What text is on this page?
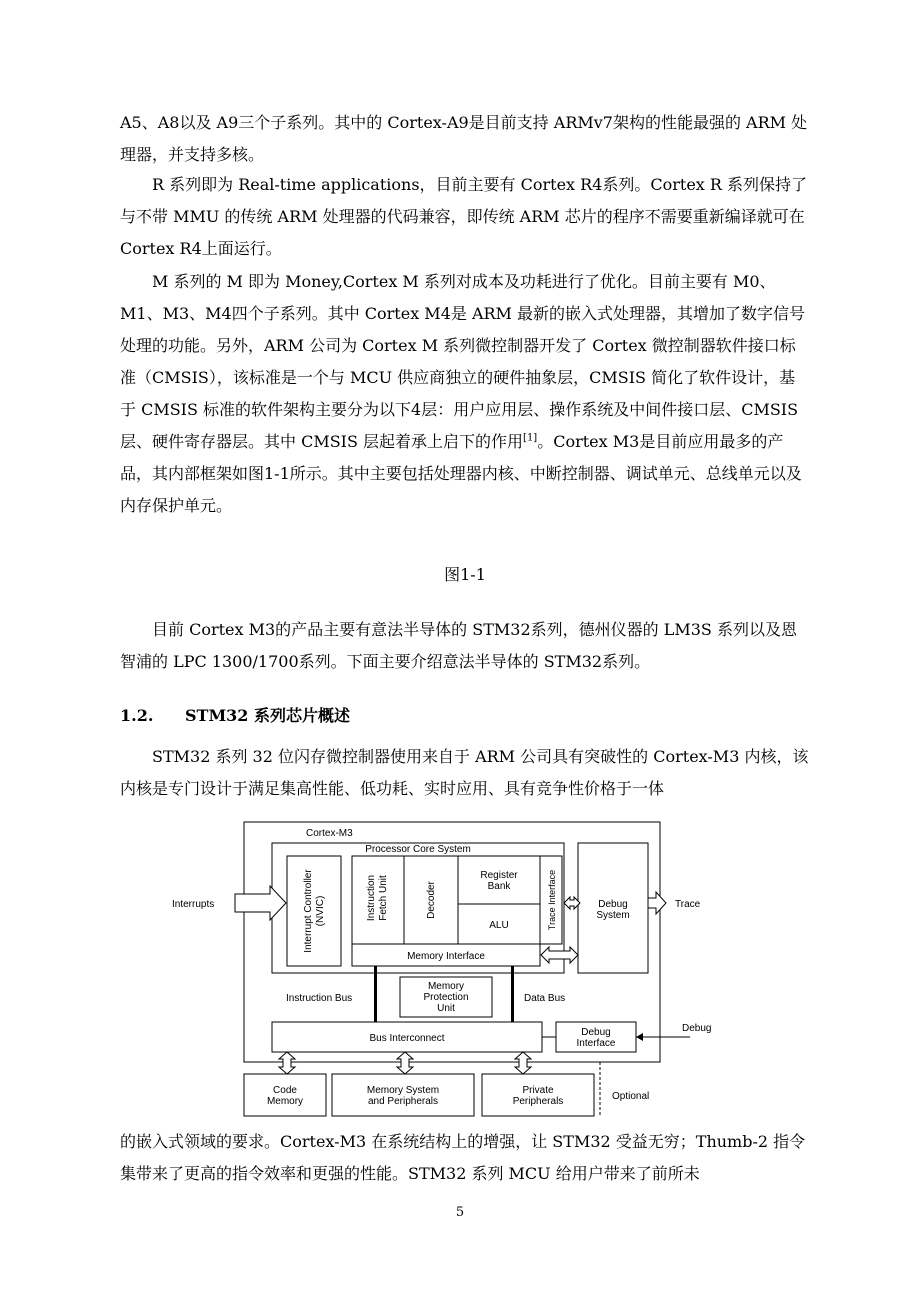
A5、A8以及 A9三个子系列。其中的 Cortex-A9是目前支持 ARMv7架构的性能最强的 ARM 处理器，并支持多核。

R 系列即为 Real-time applications，目前主要有 Cortex R4系列。Cortex R 系列保持了与不带 MMU 的传统 ARM 处理器的代码兼容，即传统 ARM 芯片的程序不需要重新编译就可在 Cortex R4上面运行。

M 系列的 M 即为 Money,Cortex M 系列对成本及功耗进行了优化。目前主要有 M0、M1、M3、M4四个子系列。其中 Cortex M4是 ARM 最新的嵌入式处理器，其增加了数字信号处理的功能。另外，ARM 公司为 Cortex M 系列微控制器开发了 Cortex 微控制器软件接口标准（CMSIS），该标准是一个与 MCU 供应商独立的硬件抽象层，CMSIS 简化了软件设计，基于 CMSIS 标准的软件架构主要分为以下4层：用户应用层、操作系统及中间件接口层、CMSIS 层、硬件寄存器层。其中 CMSIS 层起着承上启下的作用[1]。Cortex M3是目前应用最多的产品，其内部框架如图1-1所示。其中主要包括处理器内核、中断控制器、调试单元、总线单元以及内存保护单元。

图1-1

目前 Cortex M3的产品主要有意法半导体的 STM32系列，德州仪器的 LM3S 系列以及恩智浦的 LPC 1300/1700系列。下面主要介绍意法半导体的 STM32系列。

1.2. STM32 系列芯片概述

STM32 系列 32 位闪存微控制器使用来自于 ARM 公司具有突破性的 Cortex-M3 内核，该内核是专门设计于满足集高性能、低功耗、实时应用、具有竞争性价格于一体

Cortex-M3
Processor Core System
Interrupts	Interrupt Controller (NVIC)	Instruction Fetch Unit	Decoder
Register
Bank
ALU	Trace Interface
Memory Interface
Debug
System
Trace
Instruction Bus	Data Bus
Memory
Protection
Unit
Bus Interconnect
Debug
Interface
Debug
Code
Memory
Memory System
and Peripherals
Private
Peripherals	Optional

的嵌入式领域的要求。Cortex-M3 在系统结构上的增强，让 STM32 受益无穷；Thumb-2 指令集带来了更高的指令效率和更强的性能。STM32 系列 MCU 给用户带来了前所未

5
